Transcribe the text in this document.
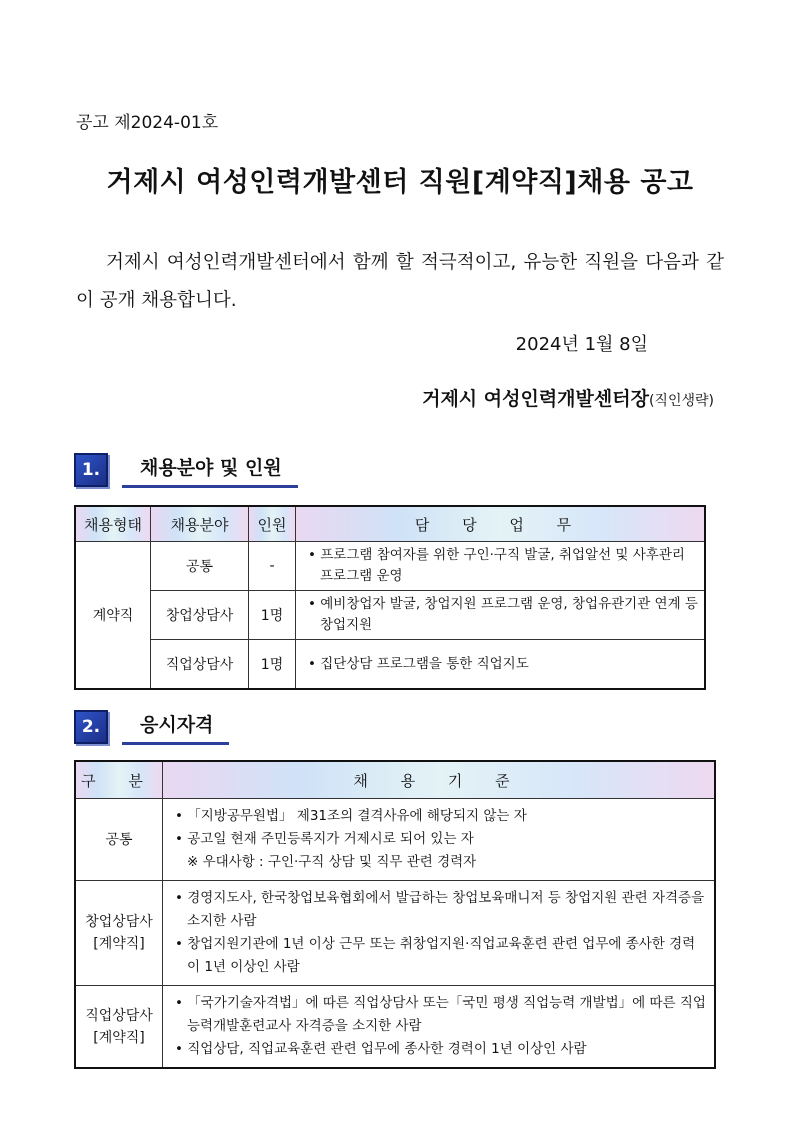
공고 제2024-01호
거제시 여성인력개발센터 직원[계약직]채용 공고
거제시 여성인력개발센터에서 함께 할 적극적이고, 유능한 직원을 다음과 같이 공개 채용합니다.
2024년 1월 8일
거제시 여성인력개발센터장(직인생략)
1.	채용분야 및 인원
채용형태	채용분야	인원	담 당 업 무
계약직	공통	-	• 프로그램 참여자를 위한 구인·구직 발굴, 취업알선 및 사후관리 프로그램 운영

	창업상담사	1명	• 예비창업자 발굴, 창업지원 프로그램 운영, 창업유관기관 연계 등 창업지원

	직업상담사	1명	• 집단상담 프로그램을 통한 직업지도
2.	응시자격
구 분	채 용 기 준
공통	• 「지방공무원법」 제31조의 결격사유에 해당되지 않는 자
• 공고일 현재 주민등록지가 거제시로 되어 있는 자
※ 우대사항 : 구인·구직 상담 및 직무 관련 경력자

창업상담사
[계약직]	• 경영지도사, 한국창업보육협회에서 발급하는 창업보육매니저 등 창업지원 관련 자격증을 소지한 사람
• 창업지원기관에 1년 이상 근무 또는 취창업지원·직업교육훈련 관련 업무에 종사한 경력이 1년 이상인 사람

직업상담사
[계약직]	• 「국가기술자격법」에 따른 직업상담사 또는「국민 평생 직업능력 개발법」에 따른 직업능력개발훈련교사 자격증을 소지한 사람
• 직업상담, 직업교육훈련 관련 업무에 종사한 경력이 1년 이상인 사람
